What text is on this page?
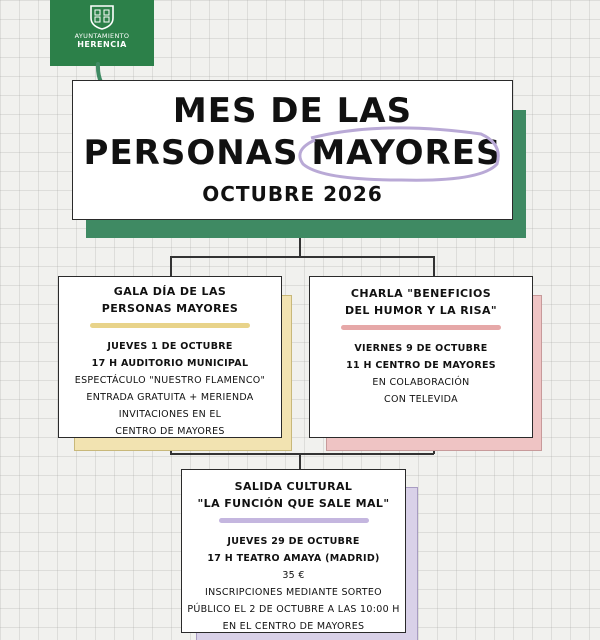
AYUNTAMIENTO
HERENCIA
MES DE LAS
PERSONAS MAYORES
OCTUBRE 2026
GALA DÍA DE LAS
PERSONAS MAYORES
JUEVES 1 DE OCTUBRE
17 H AUDITORIO MUNICIPAL
ESPECTÁCULO "NUESTRO FLAMENCO"
ENTRADA GRATUITA + MERIENDA
INVITACIONES EN EL
CENTRO DE MAYORES
CHARLA "BENEFICIOS
DEL HUMOR Y LA RISA"
VIERNES 9 DE OCTUBRE
11 H CENTRO DE MAYORES
EN COLABORACIÓN
CON TELEVIDA
SALIDA CULTURAL
"LA FUNCIÓN QUE SALE MAL"
JUEVES 29 DE OCTUBRE
17 H TEATRO AMAYA (MADRID)
35 €
INSCRIPCIONES MEDIANTE SORTEO
PÚBLICO EL 2 DE OCTUBRE A LAS 10:00 H
EN EL CENTRO DE MAYORES
